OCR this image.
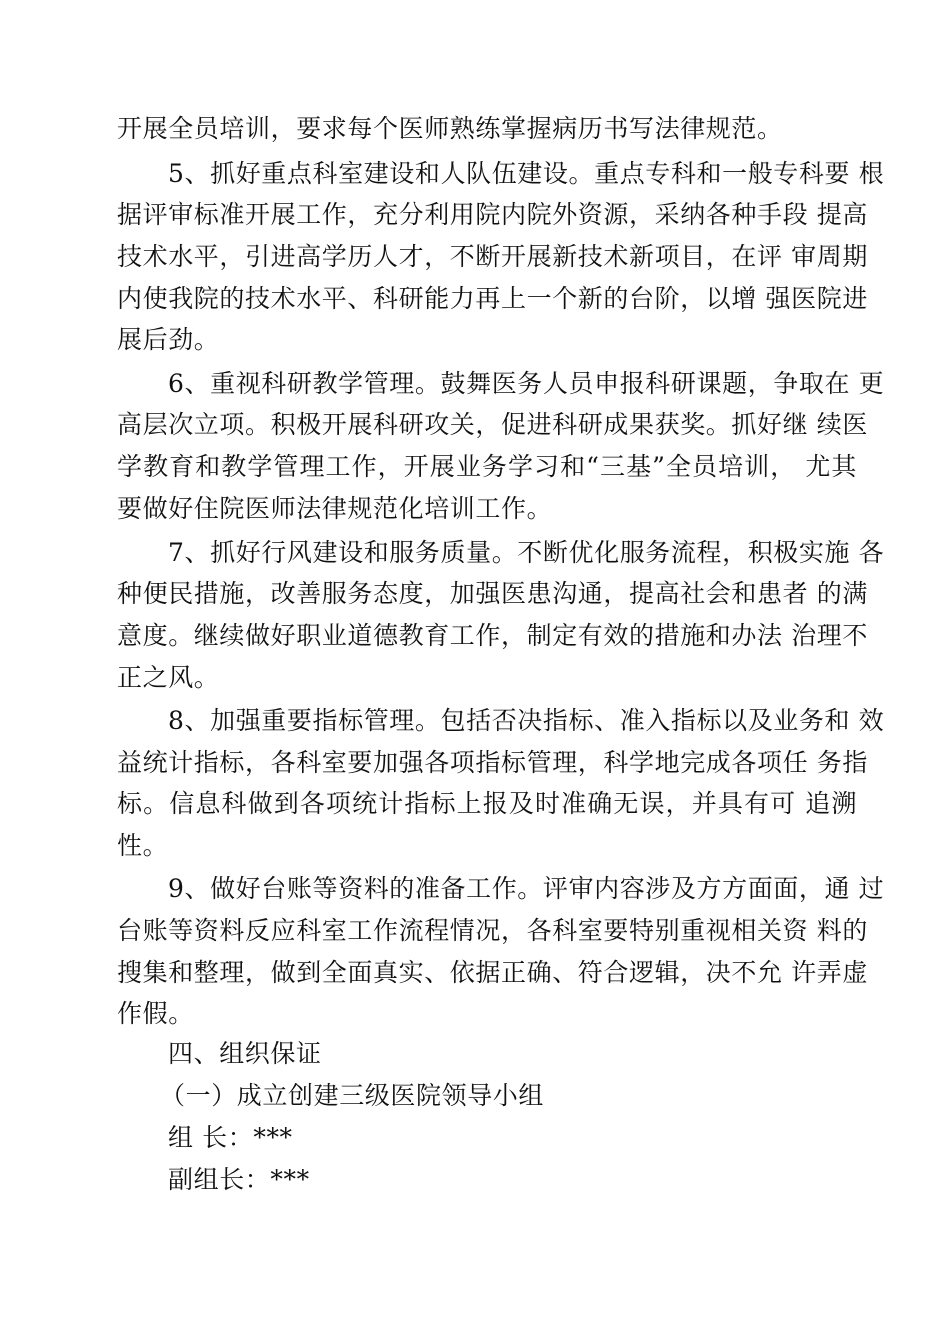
开展全员培训，要求每个医师熟练掌握病历书写法律规范。
5、抓好重点科室建设和人队伍建设。重点专科和一般专科要 根
据评审标准开展工作，充分利用院内院外资源，采纳各种手段 提高
技术水平，引进高学历人才，不断开展新技术新项目，在评 审周期
内使我院的技术水平、科研能力再上一个新的台阶，以增 强医院进
展后劲。
6、重视科研教学管理。鼓舞医务人员申报科研课题，争取在 更
高层次立项。积极开展科研攻关，促进科研成果获奖。抓好继 续医
学教育和教学管理工作，开展业务学习和“三基”全员培训， 尤其
要做好住院医师法律规范化培训工作。
7、抓好行风建设和服务质量。不断优化服务流程，积极实施 各
种便民措施，改善服务态度，加强医患沟通，提高社会和患者 的满
意度。继续做好职业道德教育工作，制定有效的措施和办法 治理不
正之风。
8、加强重要指标管理。包括否决指标、准入指标以及业务和 效
益统计指标，各科室要加强各项指标管理，科学地完成各项任 务指
标。信息科做到各项统计指标上报及时准确无误，并具有可 追溯
性。
9、做好台账等资料的准备工作。评审内容涉及方方面面，通 过
台账等资料反应科室工作流程情况，各科室要特别重视相关资 料的
搜集和整理，做到全面真实、依据正确、符合逻辑，决不允 许弄虚
作假。
四、组织保证
（一）成立创建三级医院领导小组
组 长：***
副组长：***
